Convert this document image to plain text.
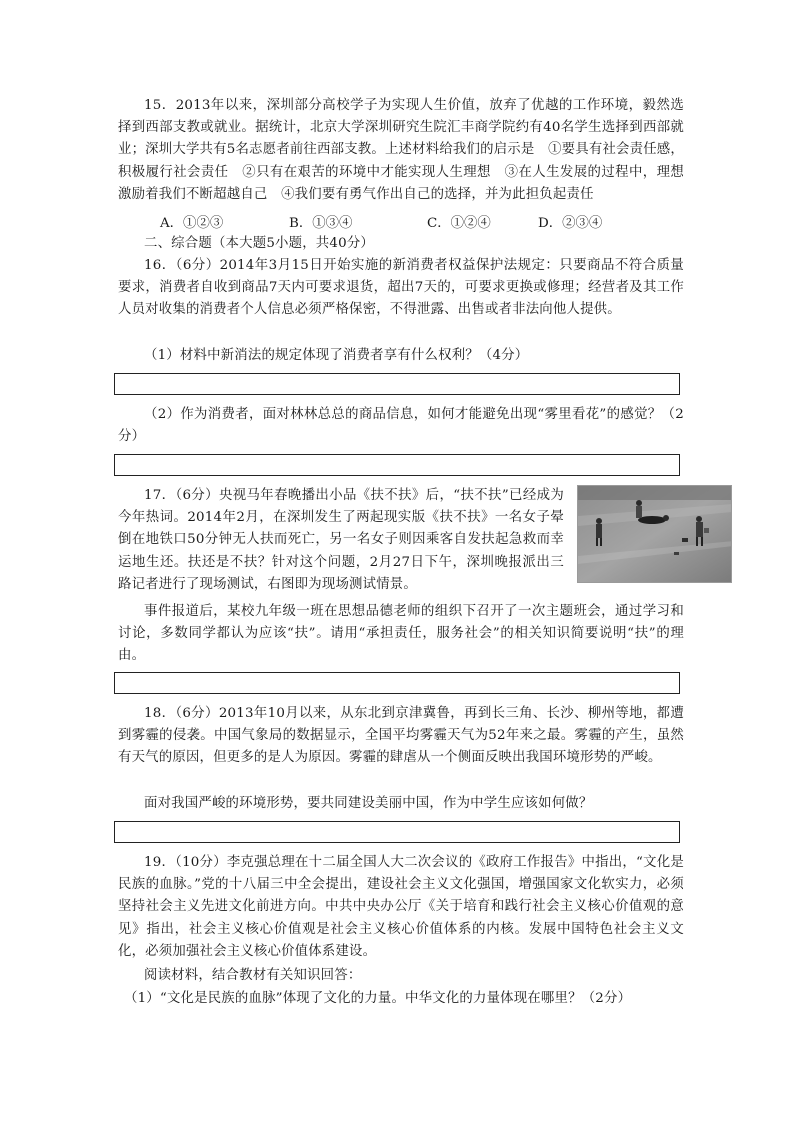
15．2013年以来，深圳部分高校学子为实现人生价值，放弃了优越的工作环境，毅然选择到西部支教或就业。据统计，北京大学深圳研究生院汇丰商学院约有40名学生选择到西部就业；深圳大学共有5名志愿者前往西部支教。上述材料给我们的启示是　①要具有社会责任感，积极履行社会责任　②只有在艰苦的环境中才能实现人生理想　③在人生发展的过程中，理想激励着我们不断超越自己　④我们要有勇气作出自己的选择，并为此担负起责任

A．①②③	B．①③④	C．①②④	D．②③④

二、综合题（本大题5小题，共40分）

16．（6分）2014年3月15日开始实施的新消费者权益保护法规定：只要商品不符合质量要求，消费者自收到商品7天内可要求退货，超出7天的，可要求更换或修理；经营者及其工作人员对收集的消费者个人信息必须严格保密，不得泄露、出售或者非法向他人提供。

（1）材料中新消法的规定体现了消费者享有什么权利？（4分）

（2）作为消费者，面对林林总总的商品信息，如何才能避免出现“雾里看花”的感觉？（2分）

17．（6分）央视马年春晚播出小品《扶不扶》后，“扶不扶”已经成为今年热词。2014年2月，在深圳发生了两起现实版《扶不扶》一名女子晕倒在地铁口50分钟无人扶而死亡，另一名女子则因乘客自发扶起急救而幸运地生还。扶还是不扶？针对这个问题，2月27日下午，深圳晚报派出三路记者进行了现场测试，右图即为现场测试情景。

事件报道后，某校九年级一班在思想品德老师的组织下召开了一次主题班会，通过学习和讨论，多数同学都认为应该“扶”。请用“承担责任，服务社会”的相关知识简要说明“扶”的理由。

18．（6分）2013年10月以来，从东北到京津冀鲁，再到长三角、长沙、柳州等地，都遭到雾霾的侵袭。中国气象局的数据显示，全国平均雾霾天气为52年来之最。雾霾的产生，虽然有天气的原因，但更多的是人为原因。雾霾的肆虐从一个侧面反映出我国环境形势的严峻。

面对我国严峻的环境形势，要共同建设美丽中国，作为中学生应该如何做？

19．（10分）李克强总理在十二届全国人大二次会议的《政府工作报告》中指出，“文化是民族的血脉。”党的十八届三中全会提出，建设社会主义文化强国，增强国家文化软实力，必须坚持社会主义先进文化前进方向。中共中央办公厅《关于培育和践行社会主义核心价值观的意见》指出，社会主义核心价值观是社会主义核心价值体系的内核。发展中国特色社会主义文化，必须加强社会主义核心价值体系建设。

阅读材料，结合教材有关知识回答：

（1）“文化是民族的血脉”体现了文化的力量。中华文化的力量体现在哪里？（2分）
